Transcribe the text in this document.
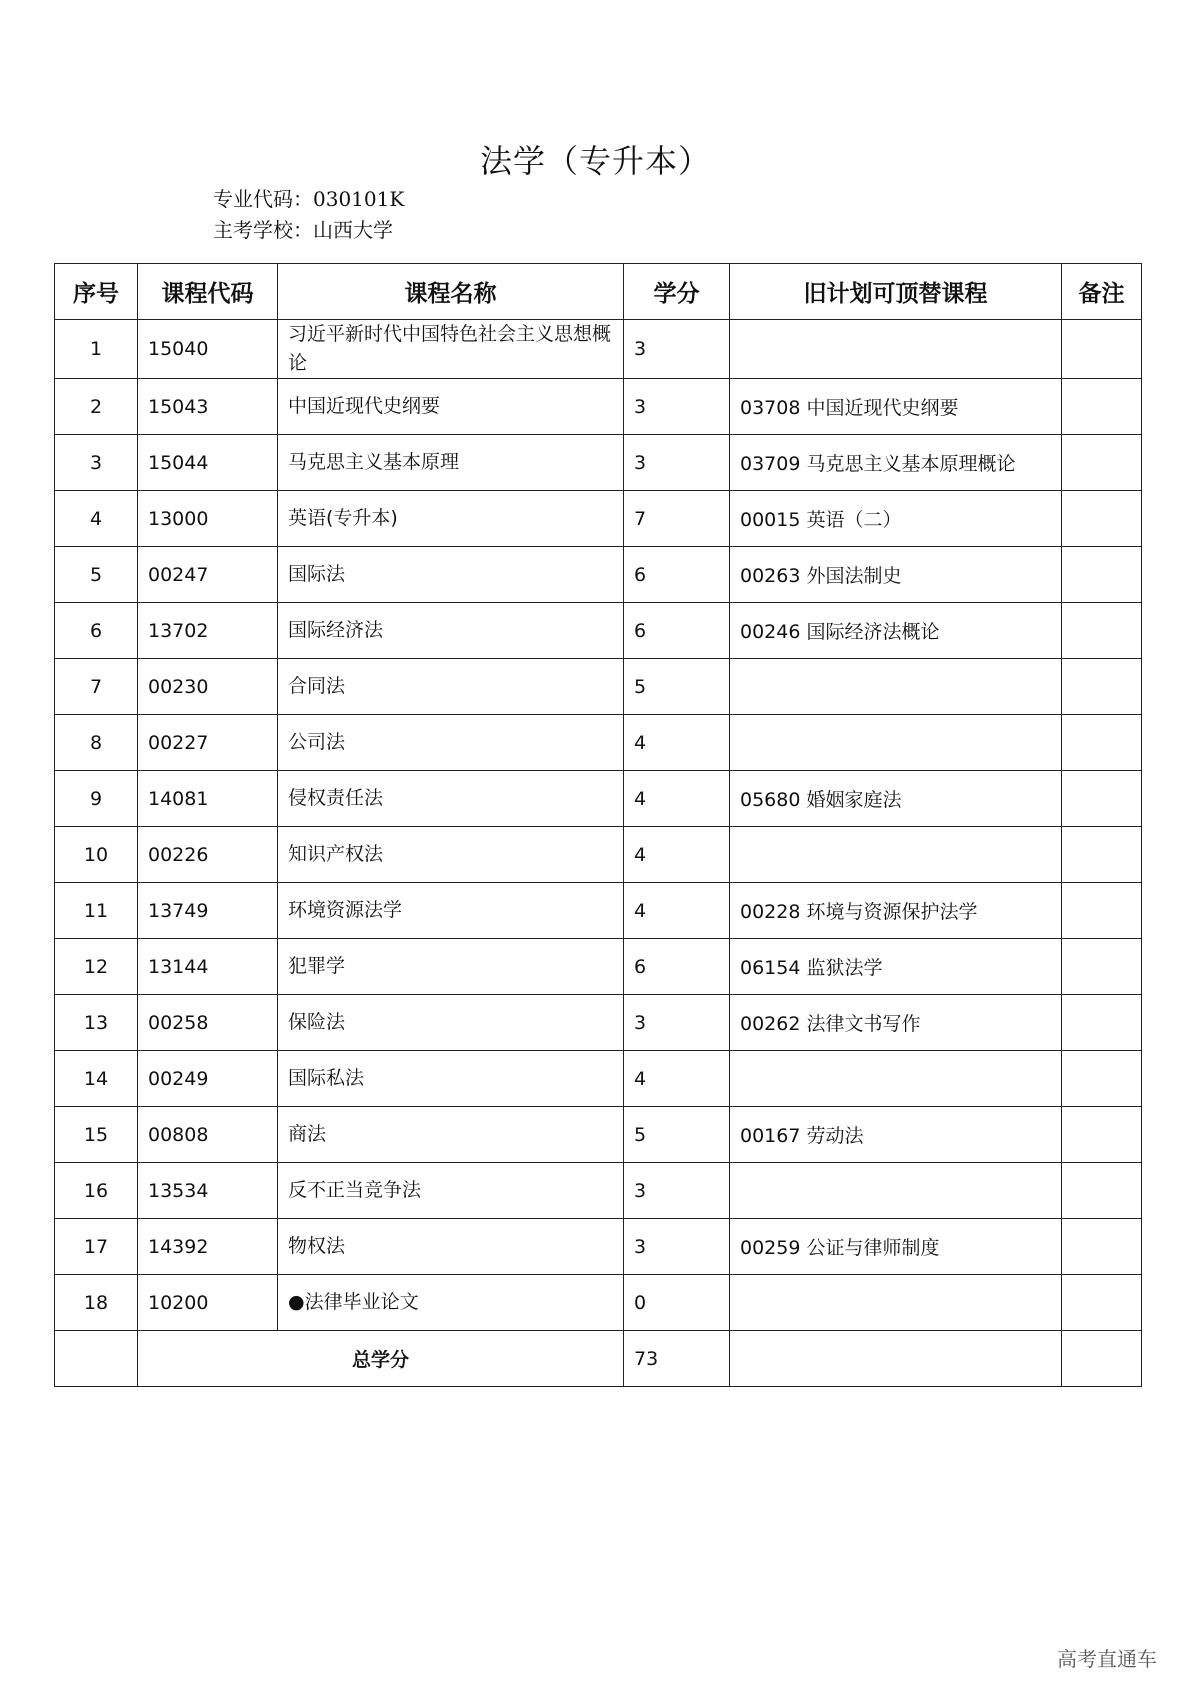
法学（专升本）
专业代码：030101K
主考学校：山西大学
序号	课程代码	课程名称	学分	旧计划可顶替课程	备注
1	15040	习近平新时代中国特色社会主义思想概论	3		
2	15043	中国近现代史纲要	3	03708 中国近现代史纲要	
3	15044	马克思主义基本原理	3	03709 马克思主义基本原理概论	
4	13000	英语(专升本)	7	00015 英语（二）	
5	00247	国际法	6	00263 外国法制史	
6	13702	国际经济法	6	00246 国际经济法概论	
7	00230	合同法	5		
8	00227	公司法	4		
9	14081	侵权责任法	4	05680 婚姻家庭法	
10	00226	知识产权法	4		
11	13749	环境资源法学	4	00228 环境与资源保护法学	
12	13144	犯罪学	6	06154 监狱法学	
13	00258	保险法	3	00262 法律文书写作	
14	00249	国际私法	4		
15	00808	商法	5	00167 劳动法	
16	13534	反不正当竞争法	3		
17	14392	物权法	3	00259 公证与律师制度	
18	10200	●法律毕业论文	0		
	总学分		73		
高考直通车
